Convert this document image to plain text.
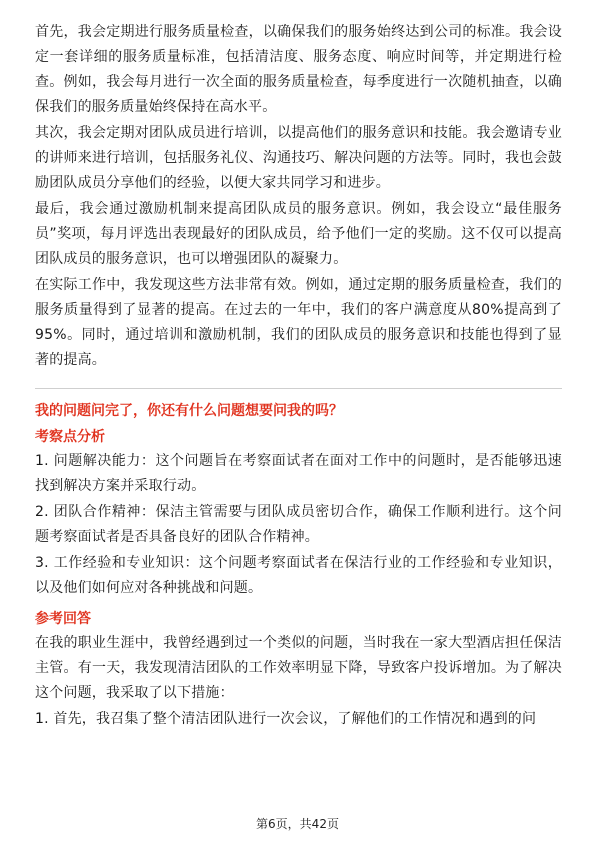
首先，我会定期进行服务质量检查，以确保我们的服务始终达到公司的标准。我会设定一套详细的服务质量标准，包括清洁度、服务态度、响应时间等，并定期进行检查。例如，我会每月进行一次全面的服务质量检查，每季度进行一次随机抽查，以确保我们的服务质量始终保持在高水平。

其次，我会定期对团队成员进行培训，以提高他们的服务意识和技能。我会邀请专业的讲师来进行培训，包括服务礼仪、沟通技巧、解决问题的方法等。同时，我也会鼓励团队成员分享他们的经验，以便大家共同学习和进步。

最后，我会通过激励机制来提高团队成员的服务意识。例如，我会设立“最佳服务员”奖项，每月评选出表现最好的团队成员，给予他们一定的奖励。这不仅可以提高团队成员的服务意识，也可以增强团队的凝聚力。

在实际工作中，我发现这些方法非常有效。例如，通过定期的服务质量检查，我们的服务质量得到了显著的提高。在过去的一年中，我们的客户满意度从80%提高到了95%。同时，通过培训和激励机制，我们的团队成员的服务意识和技能也得到了显著的提高。

我的问题问完了，你还有什么问题想要问我的吗？
考察点分析

1. 问题解决能力：这个问题旨在考察面试者在面对工作中的问题时，是否能够迅速找到解决方案并采取行动。

2. 团队合作精神：保洁主管需要与团队成员密切合作，确保工作顺利进行。这个问题考察面试者是否具备良好的团队合作精神。

3. 工作经验和专业知识：这个问题考察面试者在保洁行业的工作经验和专业知识，以及他们如何应对各种挑战和问题。

参考回答

在我的职业生涯中，我曾经遇到过一个类似的问题，当时我在一家大型酒店担任保洁主管。有一天，我发现清洁团队的工作效率明显下降，导致客户投诉增加。为了解决这个问题，我采取了以下措施：

1. 首先，我召集了整个清洁团队进行一次会议，了解他们的工作情况和遇到的问

第6页，共42页
